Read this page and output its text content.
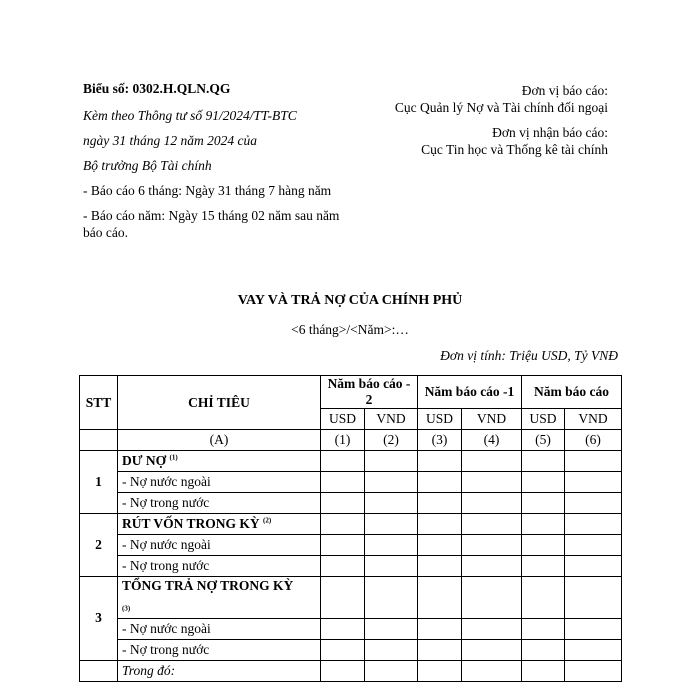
Biểu số: 0302.H.QLN.QG

Kèm theo Thông tư số 91/2024/TT-BTC

ngày 31 tháng 12 năm 2024 của

Bộ trưởng Bộ Tài chính

- Báo cáo 6 tháng: Ngày 31 tháng 7 hàng năm

- Báo cáo năm: Ngày 15 tháng 02 năm sau năm báo cáo.

Đơn vị báo cáo:

Cục Quản lý Nợ và Tài chính đối ngoại

Đơn vị nhận báo cáo:

Cục Tin học và Thống kê tài chính

VAY VÀ TRẢ NỢ CỦA CHÍNH PHỦ
<6 tháng>/<Năm>:…
Đơn vị tính: Triệu USD, Tỷ VNĐ
STT	CHỈ TIÊU	Năm báo cáo - 2		Năm báo cáo -1		Năm báo cáo	
		USD	VND	USD	VND	USD	VND
	(A)	(1)	(2)	(3)	(4)	(5)	(6)
1	DƯ NỢ $^{(1)}$						
	- Nợ nước ngoài						
	- Nợ trong nước						
2	RÚT VỐN TRONG KỲ $^{(2)}$						
	- Nợ nước ngoài						
	- Nợ trong nước						
3	TỔNG TRẢ NỢ TRONG KỲ
$_{(3)}$						
	- Nợ nước ngoài						
	- Nợ trong nước						
	Trong đó:						
